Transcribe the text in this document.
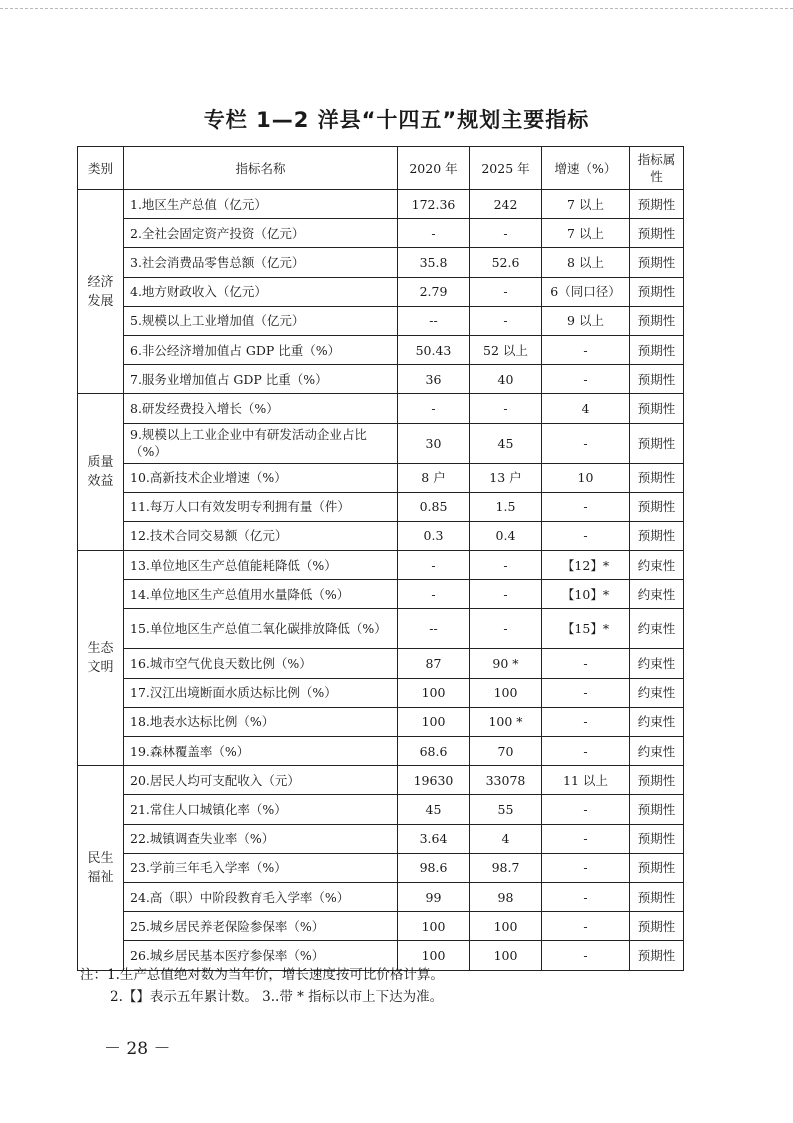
专栏 1—2 洋县“十四五”规划主要指标
类别	指标名称	2020 年	2025 年	增速（%）	指标属性
经济发展	1.地区生产总值（亿元）	172.36	242	7 以上	预期性
	2.全社会固定资产投资（亿元）	-	-	7 以上	预期性
	3.社会消费品零售总额（亿元）	35.8	52.6	8 以上	预期性
	4.地方财政收入（亿元）	2.79	-	6（同口径）	预期性
	5.规模以上工业增加值（亿元）	--	-	9 以上	预期性
	6.非公经济增加值占 GDP 比重（%）	50.43	52 以上	-	预期性
	7.服务业增加值占 GDP 比重（%）	36	40	-	预期性
质量效益	8.研发经费投入增长（%）	-	-	4	预期性
	9.规模以上工业企业中有研发活动企业占比（%）	30	45	-	预期性
	10.高新技术企业增速（%）	8 户	13 户	10	预期性
	11.每万人口有效发明专利拥有量（件）	0.85	1.5	-	预期性
	12.技术合同交易额（亿元）	0.3	0.4	-	预期性
生态文明	13.单位地区生产总值能耗降低（%）	-	-	【12】*	约束性
	14.单位地区生产总值用水量降低（%）	-	-	【10】*	约束性
	15.单位地区生产总值二氧化碳排放降低（%）	--	-	【15】*	约束性
	16.城市空气优良天数比例（%）	87	90 *	-	约束性
	17.汉江出境断面水质达标比例（%）	100	100	-	约束性
	18.地表水达标比例（%）	100	100 *	-	约束性
	19.森林覆盖率（%）	68.6	70	-	约束性
民生福祉	20.居民人均可支配收入（元）	19630	33078	11 以上	预期性
	21.常住人口城镇化率（%）	45	55	-	预期性
	22.城镇调查失业率（%）	3.64	4	-	预期性
	23.学前三年毛入学率（%）	98.6	98.7	-	预期性
	24.高（职）中阶段教育毛入学率（%）	99	98	-	预期性
	25.城乡居民养老保险参保率（%）	100	100	-	预期性
	26.城乡居民基本医疗参保率（%）	100	100	-	预期性
注：1.生产总值绝对数为当年价，增长速度按可比价格计算。
2.【】表示五年累计数。 3..带 * 指标以市上下达为准。
－ 28 －
